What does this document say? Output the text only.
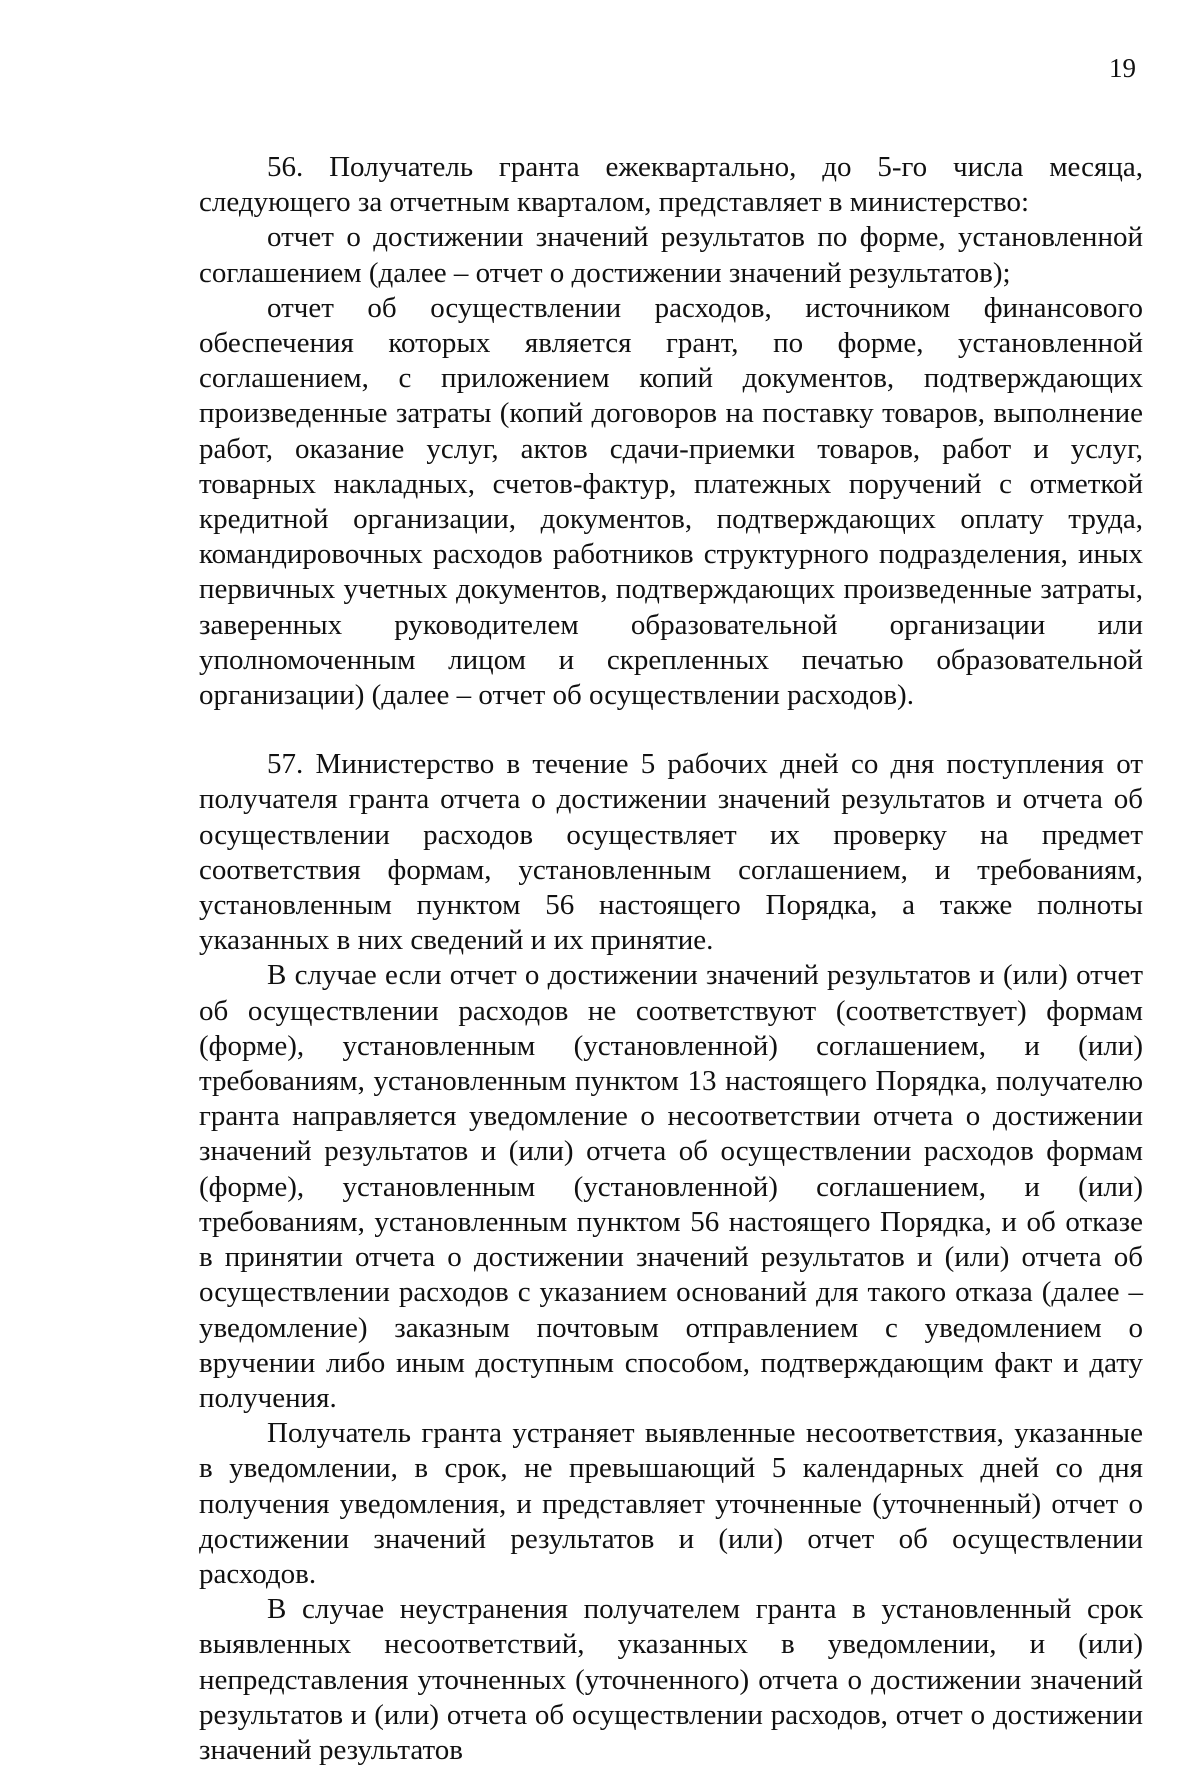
19

56. Получатель гранта ежеквартально, до 5-го числа месяца, следующего за отчетным кварталом, представляет в министерство:

отчет о достижении значений результатов по форме, установленной соглашением (далее – отчет о достижении значений результатов);

отчет об осуществлении расходов, источником финансового обеспечения которых является грант, по форме, установленной соглашением, с приложением копий документов, подтверждающих произведенные затраты (копий договоров на поставку товаров, выполнение работ, оказание услуг, актов сдачи-приемки товаров, работ и услуг, товарных накладных, счетов-фактур, платежных поручений с отметкой кредитной организации, документов, подтверждающих оплату труда, командировочных расходов работников структурного подразделения, иных первичных учетных документов, подтверждающих произведенные затраты, заверенных руководителем образовательной организации или уполномоченным лицом и скрепленных печатью образовательной организации) (далее – отчет об осуществлении расходов).

57. Министерство в течение 5 рабочих дней со дня поступления от получателя гранта отчета о достижении значений результатов и отчета об осуществлении расходов осуществляет их проверку на предмет соответствия формам, установленным соглашением, и требованиям, установленным пунктом 56 настоящего Порядка, а также полноты указанных в них сведений и их принятие.

В случае если отчет о достижении значений результатов и (или) отчет об осуществлении расходов не соответствуют (соответствует) формам (форме), установленным (установленной) соглашением, и (или) требованиям, установленным пунктом 13 настоящего Порядка, получателю гранта направляется уведомление о несоответствии отчета о достижении значений результатов и (или) отчета об осуществлении расходов формам (форме), установленным (установленной) соглашением, и (или) требованиям, установленным пунктом 56 настоящего Порядка, и об отказе в принятии отчета о достижении значений результатов и (или) отчета об осуществлении расходов с указанием оснований для такого отказа (далее – уведомление) заказным почтовым отправлением с уведомлением о вручении либо иным доступным способом, подтверждающим факт и дату получения.

Получатель гранта устраняет выявленные несоответствия, указанные в уведомлении, в срок, не превышающий 5 календарных дней со дня получения уведомления, и представляет уточненные (уточненный) отчет о достижении значений результатов и (или) отчет об осуществлении расходов.

В случае неустранения получателем гранта в установленный срок выявленных несоответствий, указанных в уведомлении, и (или) непредставления уточненных (уточненного) отчета о достижении значений результатов и (или) отчета об осуществлении расходов, отчет о достижении значений результатов
